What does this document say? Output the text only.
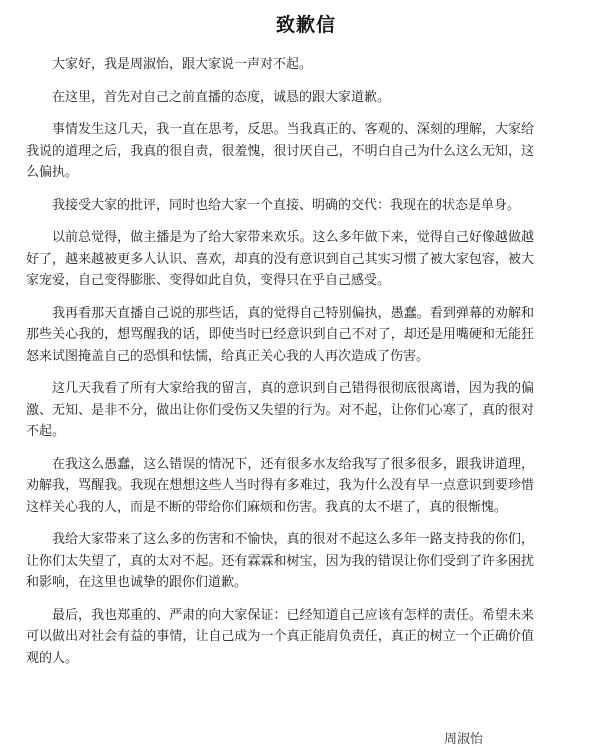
致歉信

大家好，我是周淑怡，跟大家说一声对不起。

在这里，首先对自己之前直播的态度，诚恳的跟大家道歉。

事情发生这几天，我一直在思考，反思。当我真正的、客观的、深刻的理解，大家给我说的道理之后，我真的很自责，很羞愧，很讨厌自己，不明白自己为什么这么无知，这么偏执。

我接受大家的批评，同时也给大家一个直接、明确的交代：我现在的状态是单身。

以前总觉得，做主播是为了给大家带来欢乐。这么多年做下来，觉得自己好像越做越好了，越来越被更多人认识、喜欢，却真的没有意识到自己其实习惯了被大家包容，被大家宠爱，自己变得膨胀、变得如此自负，变得只在乎自己感受。

我再看那天直播自己说的那些话，真的觉得自己特别偏执，愚蠢。看到弹幕的劝解和那些关心我的，想骂醒我的话，即使当时已经意识到自己不对了，却还是用嘴硬和无能狂怒来试图掩盖自己的恐惧和怯懦，给真正关心我的人再次造成了伤害。

这几天我看了所有大家给我的留言，真的意识到自己错得很彻底很离谱，因为我的偏激、无知、是非不分，做出让你们受伤又失望的行为。对不起，让你们心寒了，真的很对不起。

在我这么愚蠢，这么错误的情况下，还有很多水友给我写了很多很多，跟我讲道理，劝解我，骂醒我。我现在想想这些人当时得有多难过，我为什么没有早一点意识到要珍惜这样关心我的人，而是不断的带给你们麻烦和伤害。我真的太不堪了，真的很惭愧。

我给大家带来了这么多的伤害和不愉快，真的很对不起这么多年一路支持我的你们，让你们太失望了，真的太对不起。还有霖霖和树宝，因为我的错误让你们受到了许多困扰和影响，在这里也诚挚的跟你们道歉。

最后，我也郑重的、严肃的向大家保证：已经知道自己应该有怎样的责任。希望未来可以做出对社会有益的事情，让自己成为一个真正能肩负责任，真正的树立一个正确价值观的人。

周淑怡
